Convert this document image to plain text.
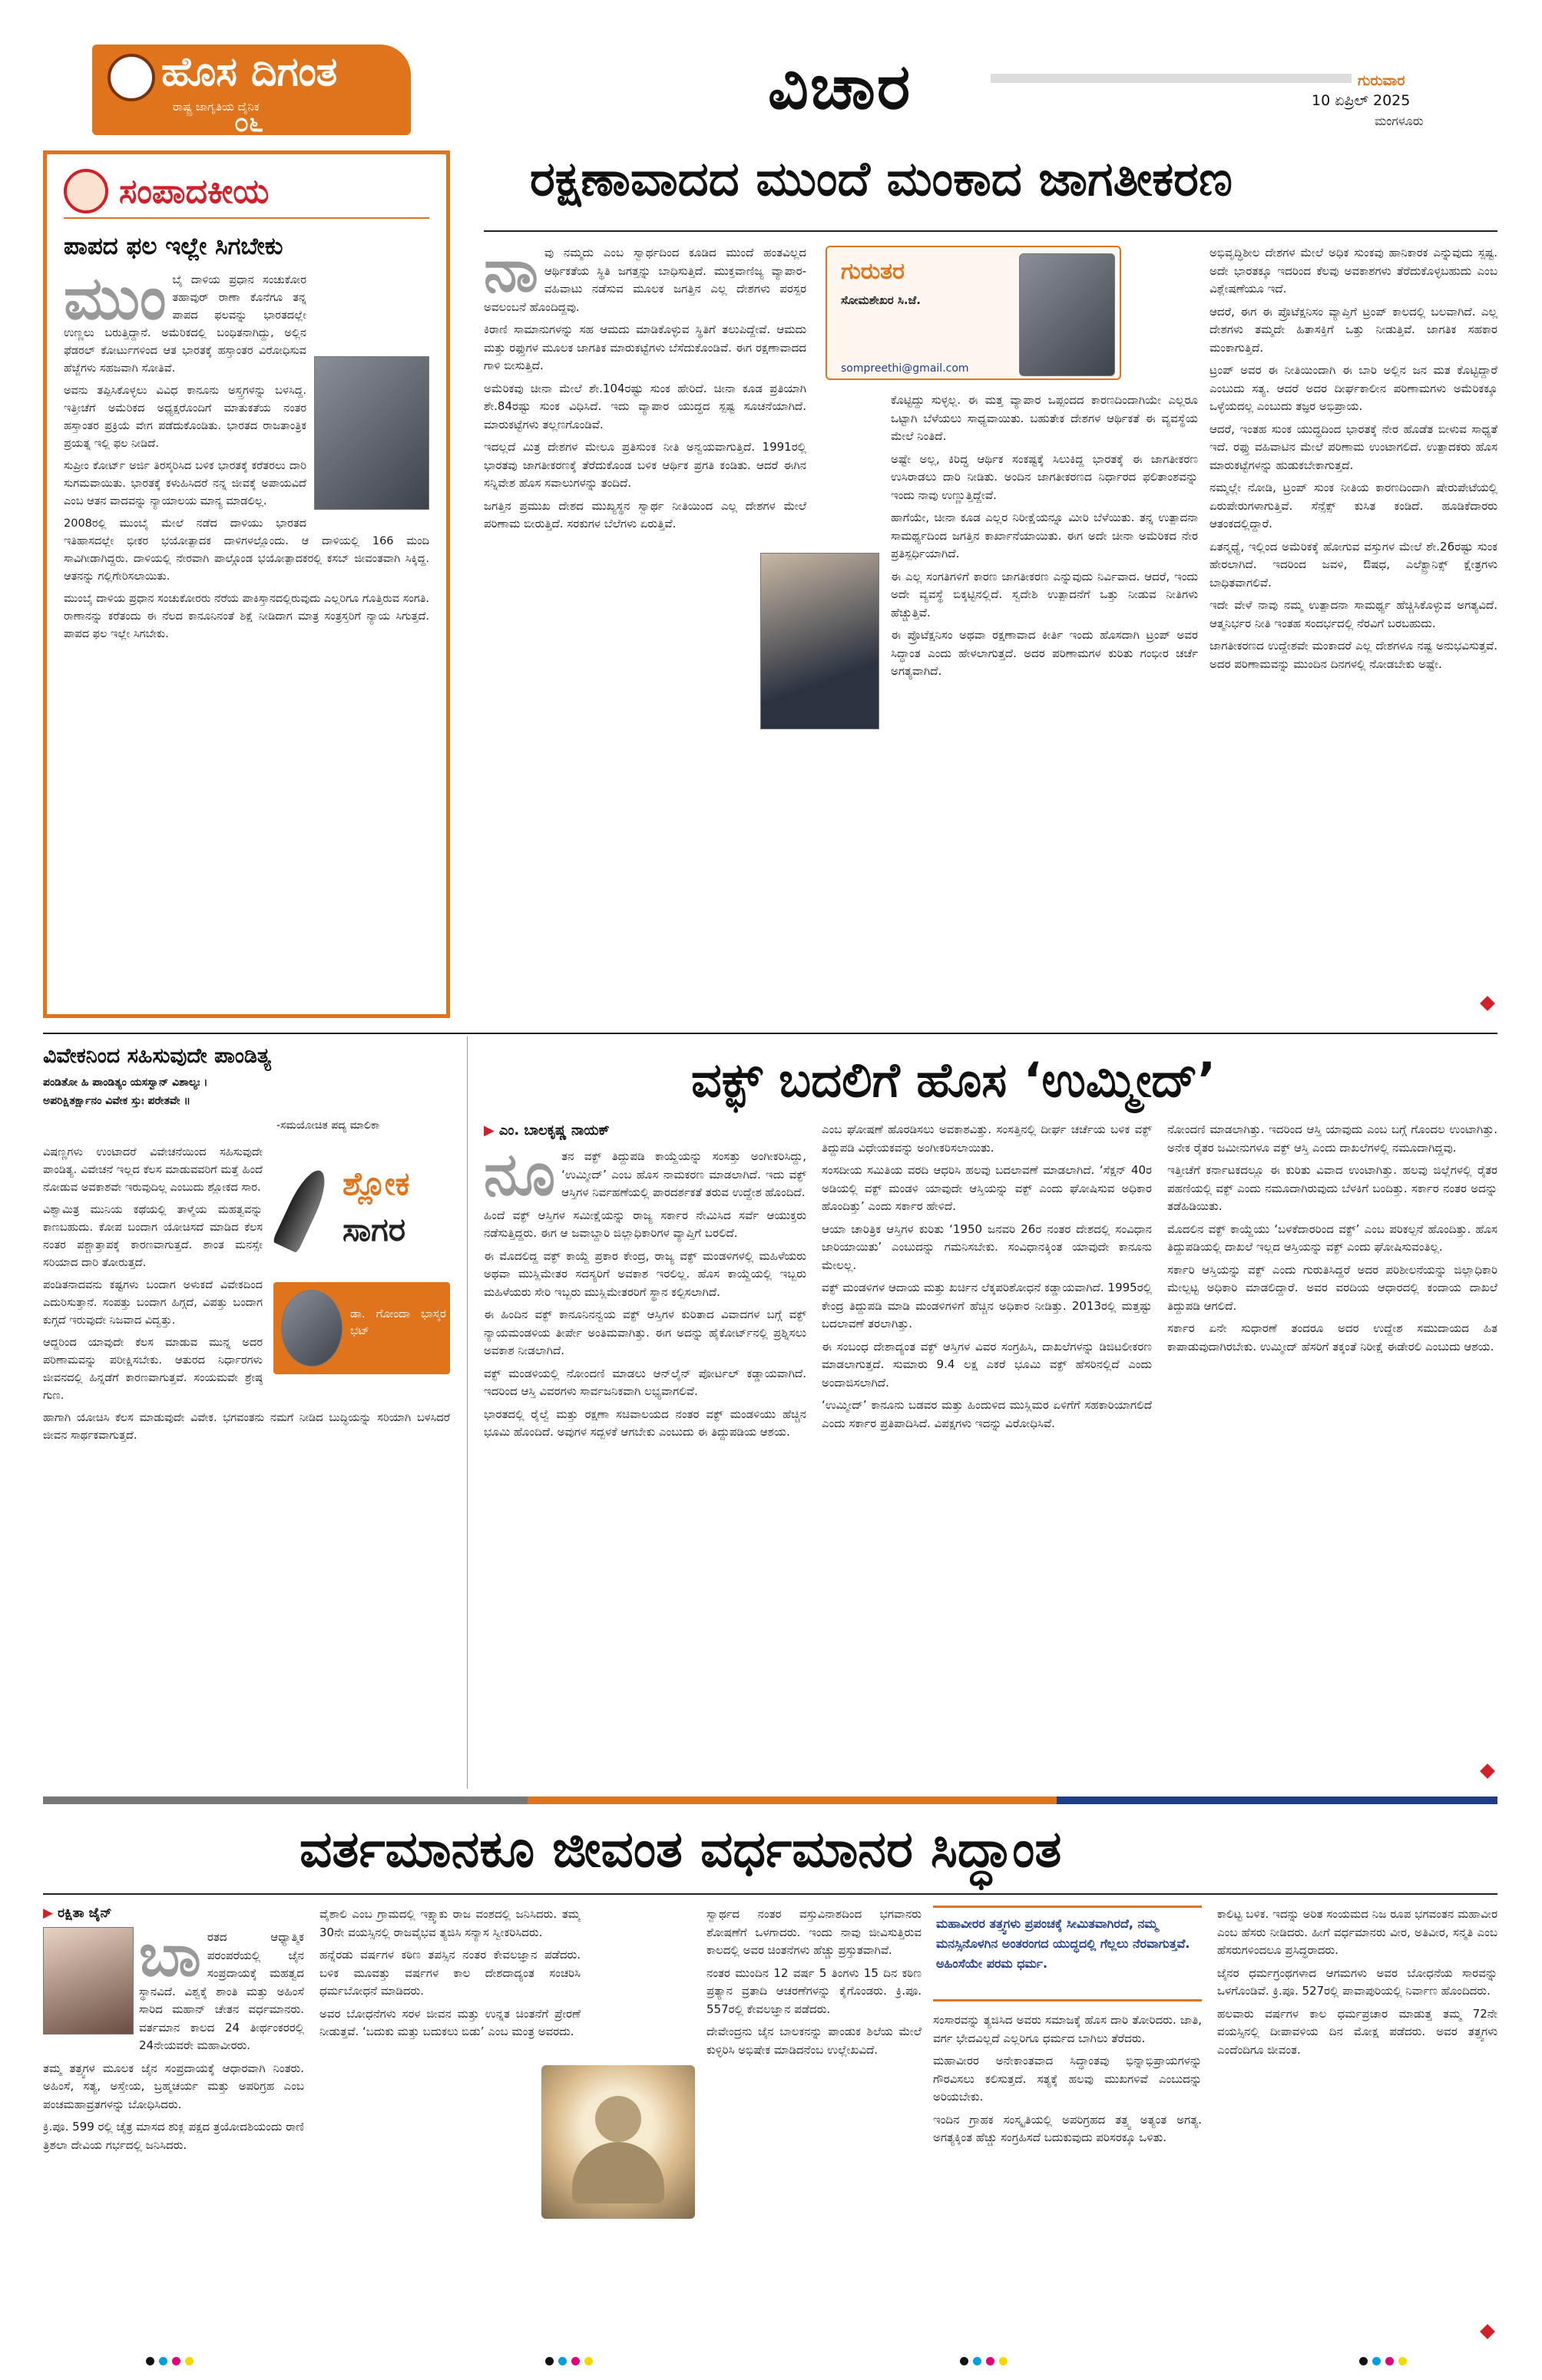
ಹೊಸ ದಿಗಂತ
ರಾಷ್ಟ್ರ ಜಾಗೃತಿಯ ದೈನಿಕ
೦೬	ವಿಚಾರ	ಗುರುವಾರ
10 ಏಪ್ರಿಲ್ 2025
ಮಂಗಳೂರು
ಸಂಪಾದಕೀಯ
ಪಾಪದ ಫಲ ಇಲ್ಲೇ ಸಿಗಬೇಕು
ಮುಂ ಬೈ ದಾಳಿಯ ಪ್ರಧಾನ ಸಂಚುಕೋರ ತಹಾವುರ್ ರಾಣಾ ಕೊನೆಗೂ ತನ್ನ ಪಾಪದ ಫಲವನ್ನು ಭಾರತದಲ್ಲೇ ಉಣ್ಣಲು ಬರುತ್ತಿದ್ದಾನೆ. ಅಮೆರಿಕದಲ್ಲಿ ಬಂಧಿತನಾಗಿದ್ದು, ಅಲ್ಲಿನ ಫೆಡರಲ್ ಕೋರ್ಟುಗಳಿಂದ ಆತ ಭಾರತಕ್ಕೆ ಹಸ್ತಾಂತರ ವಿರೋಧಿಸುವ ಹೆಜ್ಜೆಗಳು ಸಹಜವಾಗಿ ಸೋತಿವೆ.

ಅವನು ತಪ್ಪಿಸಿಕೊಳ್ಳಲು ವಿವಿಧ ಕಾನೂನು ಅಸ್ತ್ರಗಳನ್ನು ಬಳಸಿದ್ದ. ಇತ್ತೀಚೆಗೆ ಅಮೆರಿಕದ ಅಧ್ಯಕ್ಷರೊಂದಿಗೆ ಮಾತುಕತೆಯ ನಂತರ ಹಸ್ತಾಂತರ ಪ್ರಕ್ರಿಯೆ ವೇಗ ಪಡೆದುಕೊಂಡಿತು. ಭಾರತದ ರಾಜತಾಂತ್ರಿಕ ಪ್ರಯತ್ನ ಇಲ್ಲಿ ಫಲ ನೀಡಿದೆ.

ಸುಪ್ರೀಂ ಕೋರ್ಟ್ ಅರ್ಜಿ ತಿರಸ್ಕರಿಸಿದ ಬಳಿಕ ಭಾರತಕ್ಕೆ ಕರೆತರಲು ದಾರಿ ಸುಗಮವಾಯಿತು. ಭಾರತಕ್ಕೆ ಕಳುಹಿಸಿದರೆ ನನ್ನ ಜೀವಕ್ಕೆ ಅಪಾಯವಿದೆ ಎಂಬ ಆತನ ವಾದವನ್ನು ನ್ಯಾಯಾಲಯ ಮಾನ್ಯ ಮಾಡಲಿಲ್ಲ.

2008ರಲ್ಲಿ ಮುಂಬೈ ಮೇಲೆ ನಡೆದ ದಾಳಿಯು ಭಾರತದ ಇತಿಹಾಸದಲ್ಲೇ ಭೀಕರ ಭಯೋತ್ಪಾದಕ ದಾಳಿಗಳಲ್ಲೊಂದು. ಆ ದಾಳಿಯಲ್ಲಿ 166 ಮಂದಿ ಸಾವಿಗೀಡಾಗಿದ್ದರು. ದಾಳಿಯಲ್ಲಿ ನೇರವಾಗಿ ಪಾಲ್ಗೊಂಡ ಭಯೋತ್ಪಾದಕರಲ್ಲಿ ಕಸಬ್ ಜೀವಂತವಾಗಿ ಸಿಕ್ಕಿದ್ದ. ಆತನನ್ನು ಗಲ್ಲಿಗೇರಿಸಲಾಯಿತು.

ಮುಂಬೈ ದಾಳಿಯ ಪ್ರಧಾನ ಸಂಚುಕೋರರು ನೆರೆಯ ಪಾಕಿಸ್ತಾನದಲ್ಲಿರುವುದು ಎಲ್ಲರಿಗೂ ಗೊತ್ತಿರುವ ಸಂಗತಿ. ರಾಣಾನನ್ನು ಕರೆತಂದು ಈ ನೆಲದ ಕಾನೂನಿನಂತೆ ಶಿಕ್ಷೆ ನೀಡಿದಾಗ ಮಾತ್ರ ಸಂತ್ರಸ್ತರಿಗೆ ನ್ಯಾಯ ಸಿಗುತ್ತದೆ. ಪಾಪದ ಫಲ ಇಲ್ಲೇ ಸಿಗಬೇಕು.

ರಕ್ಷಣಾವಾದದ ಮುಂದೆ ಮಂಕಾದ ಜಾಗತೀಕರಣ
ನಾ ವು ನಮ್ಮದು ಎಂಬ ಸ್ವಾರ್ಥದಿಂದ ಕೂಡಿದ ಮುಂದೆ ಹಂತವಿಲ್ಲದ ಆರ್ಥಿಕತೆಯ ಸ್ಥಿತಿ ಜಗತ್ತನ್ನು ಬಾಧಿಸುತ್ತಿದೆ. ಮುಕ್ತವಾಣಿಜ್ಯ ವ್ಯಾಪಾರ-ವಹಿವಾಟು ನಡೆಸುವ ಮೂಲಕ ಜಗತ್ತಿನ ಎಲ್ಲ ದೇಶಗಳು ಪರಸ್ಪರ ಅವಲಂಬನೆ ಹೊಂದಿದ್ದವು.

ಕಿರಾಣಿ ಸಾಮಾನುಗಳನ್ನು ಸಹ ಆಮದು ಮಾಡಿಕೊಳ್ಳುವ ಸ್ಥಿತಿಗೆ ತಲುಪಿದ್ದೇವೆ. ಆಮದು ಮತ್ತು ರಫ್ತುಗಳ ಮೂಲಕ ಜಾಗತಿಕ ಮಾರುಕಟ್ಟೆಗಳು ಬೆಸೆದುಕೊಂಡಿವೆ. ಈಗ ರಕ್ಷಣಾವಾದದ ಗಾಳಿ ಬೀಸುತ್ತಿದೆ.

ಅಮೆರಿಕವು ಚೀನಾ ಮೇಲೆ ಶೇ.104ರಷ್ಟು ಸುಂಕ ಹೇರಿದೆ. ಚೀನಾ ಕೂಡ ಪ್ರತಿಯಾಗಿ ಶೇ.84ರಷ್ಟು ಸುಂಕ ವಿಧಿಸಿದೆ. ಇದು ವ್ಯಾಪಾರ ಯುದ್ಧದ ಸ್ಪಷ್ಟ ಸೂಚನೆಯಾಗಿದೆ. ಮಾರುಕಟ್ಟೆಗಳು ತಲ್ಲಣಗೊಂಡಿವೆ.

ಇದಲ್ಲದೆ ಮಿತ್ರ ದೇಶಗಳ ಮೇಲೂ ಪ್ರತಿಸುಂಕ ನೀತಿ ಅನ್ವಯವಾಗುತ್ತಿದೆ. 1991ರಲ್ಲಿ ಭಾರತವು ಜಾಗತೀಕರಣಕ್ಕೆ ತೆರೆದುಕೊಂಡ ಬಳಿಕ ಆರ್ಥಿಕ ಪ್ರಗತಿ ಕಂಡಿತು. ಆದರೆ ಈಗಿನ ಸನ್ನಿವೇಶ ಹೊಸ ಸವಾಲುಗಳನ್ನು ತಂದಿದೆ.

ಜಗತ್ತಿನ ಪ್ರಮುಖ ದೇಶದ ಮುಖ್ಯಸ್ಥನ ಸ್ವಾರ್ಥ ನೀತಿಯಿಂದ ಎಲ್ಲ ದೇಶಗಳ ಮೇಲೆ ಪರಿಣಾಮ ಬೀರುತ್ತಿದೆ. ಸರಕುಗಳ ಬೆಲೆಗಳು ಏರುತ್ತಿವೆ.

ಗುರುತರ
ಸೋಮಶೇಖರ ಸಿ.ಜೆ.
sompreethi@gmail.com

ಕೊಟ್ಟಿದ್ದು ಸುಳ್ಳಲ್ಲ. ಈ ಮತ್ತ ವ್ಯಾಪಾರ ಒಪ್ಪಂದದ ಕಾರಣದಿಂದಾಗಿಯೇ ಎಲ್ಲರೂ ಒಟ್ಟಾಗಿ ಬೆಳೆಯಲು ಸಾಧ್ಯವಾಯಿತು. ಬಹುತೇಕ ದೇಶಗಳ ಆರ್ಥಿಕತೆ ಈ ವ್ಯವಸ್ಥೆಯ ಮೇಲೆ ನಿಂತಿದೆ.

ಅಷ್ಟೇ ಅಲ್ಲ, ಕಿರಿದ್ಧ ಆರ್ಥಿಕ ಸಂಕಷ್ಟಕ್ಕೆ ಸಿಲುಕಿದ್ದ ಭಾರತಕ್ಕೆ ಈ ಜಾಗತೀಕರಣ ಉಸಿರಾಡಲು ದಾರಿ ನೀಡಿತು. ಅಂದಿನ ಜಾಗತೀಕರಣದ ನಿರ್ಧಾರದ ಫಲಿತಾಂಶವನ್ನು ಇಂದು ನಾವು ಉಣ್ಣುತ್ತಿದ್ದೇವೆ.

ಹಾಗೆಯೇ, ಚೀನಾ ಕೂಡ ಎಲ್ಲರ ನಿರೀಕ್ಷೆಯನ್ನೂ ಮೀರಿ ಬೆಳೆಯಿತು. ತನ್ನ ಉತ್ಪಾದನಾ ಸಾಮರ್ಥ್ಯದಿಂದ ಜಗತ್ತಿನ ಕಾರ್ಖಾನೆಯಾಯಿತು. ಈಗ ಅದೇ ಚೀನಾ ಅಮೆರಿಕದ ನೇರ ಪ್ರತಿಸ್ಪರ್ಧಿಯಾಗಿದೆ.

ಈ ಎಲ್ಲ ಸಂಗತಿಗಳಿಗೆ ಕಾರಣ ಜಾಗತೀಕರಣ ಎನ್ನುವುದು ನಿರ್ವಿವಾದ. ಆದರೆ, ಇಂದು ಅದೇ ವ್ಯವಸ್ಥೆ ಬಿಕ್ಕಟ್ಟಿನಲ್ಲಿದೆ. ಸ್ವದೇಶಿ ಉತ್ಪಾದನೆಗೆ ಒತ್ತು ನೀಡುವ ನೀತಿಗಳು ಹೆಚ್ಚುತ್ತಿವೆ.

ಈ ಪ್ರೊಟೆಕ್ಷನಿಸಂ ಅಥವಾ ರಕ್ಷಣಾವಾದ ಕೀರ್ತಿ ಇಂದು ಹೊಸದಾಗಿ ಟ್ರಂಪ್ ಅವರ ಸಿದ್ಧಾಂತ ಎಂದು ಹೇಳಲಾಗುತ್ತದೆ. ಅದರ ಪರಿಣಾಮಗಳ ಕುರಿತು ಗಂಭೀರ ಚರ್ಚೆ ಅಗತ್ಯವಾಗಿದೆ.

ಅಭಿವೃದ್ಧಿಶೀಲ ದೇಶಗಳ ಮೇಲೆ ಅಧಿಕ ಸುಂಕವು ಹಾನಿಕಾರಕ ಎನ್ನುವುದು ಸ್ಪಷ್ಟ. ಅದೇ ಭಾರತಕ್ಕೂ ಇದರಿಂದ ಕೆಲವು ಅವಕಾಶಗಳು ತೆರೆದುಕೊಳ್ಳಬಹುದು ಎಂಬ ವಿಶ್ಲೇಷಣೆಯೂ ಇದೆ.

ಆದರೆ, ಈಗ ಈ ಪ್ರೊಟೆಕ್ಷನಿಸಂ ವ್ಯಾಪ್ತಿಗೆ ಟ್ರಂಪ್ ಕಾಲದಲ್ಲಿ ಬಲವಾಗಿದೆ. ಎಲ್ಲ ದೇಶಗಳು ತಮ್ಮದೇ ಹಿತಾಸಕ್ತಿಗೆ ಒತ್ತು ನೀಡುತ್ತಿವೆ. ಜಾಗತಿಕ ಸಹಕಾರ ಮಂಕಾಗುತ್ತಿದೆ.

ಟ್ರಂಪ್ ಅವರ ಈ ನೀತಿಯಿಂದಾಗಿ ಈ ಬಾರಿ ಅಲ್ಲಿನ ಜನ ಮತ ಕೊಟ್ಟಿದ್ದಾರೆ ಎಂಬುದು ಸತ್ಯ. ಆದರೆ ಅದರ ದೀರ್ಘಕಾಲೀನ ಪರಿಣಾಮಗಳು ಅಮೆರಿಕಕ್ಕೂ ಒಳ್ಳೆಯದಲ್ಲ ಎಂಬುದು ತಜ್ಞರ ಅಭಿಪ್ರಾಯ.

ಆದರೆ, ಇಂತಹ ಸುಂಕ ಯುದ್ಧದಿಂದ ಭಾರತಕ್ಕೆ ನೇರ ಹೊಡೆತ ಬೀಳುವ ಸಾಧ್ಯತೆ ಇದೆ. ರಫ್ತು ವಹಿವಾಟಿನ ಮೇಲೆ ಪರಿಣಾಮ ಉಂಟಾಗಲಿದೆ. ಉತ್ಪಾದಕರು ಹೊಸ ಮಾರುಕಟ್ಟೆಗಳನ್ನು ಹುಡುಕಬೇಕಾಗುತ್ತದೆ.

ನಮ್ಮಲ್ಲೇ ನೋಡಿ, ಟ್ರಂಪ್ ಸುಂಕ ನೀತಿಯ ಕಾರಣದಿಂದಾಗಿ ಷೇರುಪೇಟೆಯಲ್ಲಿ ಏರುಪೇರುಗಳಾಗುತ್ತಿವೆ. ಸೆನ್ಸೆಕ್ಸ್ ಕುಸಿತ ಕಂಡಿದೆ. ಹೂಡಿಕೆದಾರರು ಆತಂಕದಲ್ಲಿದ್ದಾರೆ.

ಏತನ್ಮಧ್ಯೆ, ಇಲ್ಲಿಂದ ಅಮೆರಿಕಕ್ಕೆ ಹೋಗುವ ವಸ್ತುಗಳ ಮೇಲೆ ಶೇ.26ರಷ್ಟು ಸುಂಕ ಹೇರಲಾಗಿದೆ. ಇದರಿಂದ ಜವಳಿ, ಔಷಧ, ಎಲೆಕ್ಟ್ರಾನಿಕ್ಸ್ ಕ್ಷೇತ್ರಗಳು ಬಾಧಿತವಾಗಲಿವೆ.

ಇದೇ ವೇಳೆ ನಾವು ನಮ್ಮ ಉತ್ಪಾದನಾ ಸಾಮರ್ಥ್ಯ ಹೆಚ್ಚಿಸಿಕೊಳ್ಳುವ ಅಗತ್ಯವಿದೆ. ಆತ್ಮನಿರ್ಭರ ನೀತಿ ಇಂತಹ ಸಂದರ್ಭದಲ್ಲಿ ನೆರವಿಗೆ ಬರಬಹುದು.

ಜಾಗತೀಕರಣದ ಉದ್ದೇಶವೇ ಮಂಕಾದರೆ ಎಲ್ಲ ದೇಶಗಳೂ ನಷ್ಟ ಅನುಭವಿಸುತ್ತವೆ. ಅದರ ಪರಿಣಾಮವನ್ನು ಮುಂದಿನ ದಿನಗಳಲ್ಲಿ ನೋಡಬೇಕು ಅಷ್ಟೇ.

ವಿವೇಕನಿಂದ ಸಹಿಸುವುದೇ ಪಾಂಡಿತ್ಯ
ಪಂಡಿತೋ ಹಿ ಪಾಂಡಿತ್ಯಂ ಯಸಸ್ವಾನ್ ವಿಶಾಲ್ಯಃ ।
ಅಪರಿಕ್ಷಿತರ್ಕ್ಷಾನಂ ವಿವೇಕ ಸ್ತುಃ ಪರೇತವೇ ॥
-ಸಮಯೋಚಿತ ಪದ್ಯ ಮಾಲಿಕಾ
ಶ್ಲೋಕ
ಸಾಗರ
ಡಾ. ಗೋಂದಾ ಭಾಸ್ಕರ ಭಟ್

ವಿಷಣ್ಣಗಳು ಉಂಟಾದರೆ ವಿವೇಚನೆಯಿಂದ ಸಹಿಸುವುದೇ ಪಾಂಡಿತ್ಯ. ವಿವೇಚನೆ ಇಲ್ಲದ ಕೆಲಸ ಮಾಡುವವರಿಗೆ ಮತ್ತೆ ಹಿಂದೆ ನೋಡುವ ಅವಕಾಶವೇ ಇರುವುದಿಲ್ಲ ಎಂಬುದು ಶ್ಲೋಕದ ಸಾರ.

ವಿಶ್ವಾಮಿತ್ರ ಮುನಿಯ ಕಥೆಯಲ್ಲಿ ತಾಳ್ಮೆಯ ಮಹತ್ವವನ್ನು ಕಾಣಬಹುದು. ಕೋಪ ಬಂದಾಗ ಯೋಚಿಸದೆ ಮಾಡಿದ ಕೆಲಸ ನಂತರ ಪಶ್ಚಾತ್ತಾಪಕ್ಕೆ ಕಾರಣವಾಗುತ್ತದೆ. ಶಾಂತ ಮನಸ್ಸೇ ಸರಿಯಾದ ದಾರಿ ತೋರುತ್ತದೆ.

ಪಂಡಿತನಾದವನು ಕಷ್ಟಗಳು ಬಂದಾಗ ಅಳುಕದೆ ವಿವೇಕದಿಂದ ಎದುರಿಸುತ್ತಾನೆ. ಸಂಪತ್ತು ಬಂದಾಗ ಹಿಗ್ಗದೆ, ವಿಪತ್ತು ಬಂದಾಗ ಕುಗ್ಗದೆ ಇರುವುದೇ ನಿಜವಾದ ವಿದ್ವತ್ತು.

ಆದ್ದರಿಂದ ಯಾವುದೇ ಕೆಲಸ ಮಾಡುವ ಮುನ್ನ ಅದರ ಪರಿಣಾಮವನ್ನು ಪರೀಕ್ಷಿಸಬೇಕು. ಆತುರದ ನಿರ್ಧಾರಗಳು ಜೀವನದಲ್ಲಿ ಹಿನ್ನಡೆಗೆ ಕಾರಣವಾಗುತ್ತವೆ. ಸಂಯಮವೇ ಶ್ರೇಷ್ಠ ಗುಣ.

ಹಾಗಾಗಿ ಯೋಚಿಸಿ ಕೆಲಸ ಮಾಡುವುದೇ ವಿವೇಕ. ಭಗವಂತನು ನಮಗೆ ನೀಡಿದ ಬುದ್ಧಿಯನ್ನು ಸರಿಯಾಗಿ ಬಳಸಿದರೆ ಜೀವನ ಸಾರ್ಥಕವಾಗುತ್ತದೆ.

ವಕ್ಫ್ ಬದಲಿಗೆ ಹೊಸ ‘ಉಮ್ಮೀದ್’
▶ ಎಂ. ಬಾಲಕೃಷ್ಣ ನಾಯಕ್
ನೂ ತನ ವಕ್ಫ್ ತಿದ್ದುಪಡಿ ಕಾಯ್ದೆಯನ್ನು ಸಂಸತ್ತು ಅಂಗೀಕರಿಸಿದ್ದು, ‘ಉಮ್ಮೀದ್’ ಎಂಬ ಹೊಸ ನಾಮಕರಣ ಮಾಡಲಾಗಿದೆ. ಇದು ವಕ್ಫ್ ಆಸ್ತಿಗಳ ನಿರ್ವಹಣೆಯಲ್ಲಿ ಪಾರದರ್ಶಕತೆ ತರುವ ಉದ್ದೇಶ ಹೊಂದಿದೆ.

ಹಿಂದೆ ವಕ್ಫ್ ಆಸ್ತಿಗಳ ಸಮೀಕ್ಷೆಯನ್ನು ರಾಜ್ಯ ಸರ್ಕಾರ ನೇಮಿಸಿದ ಸರ್ವೆ ಆಯುಕ್ತರು ನಡೆಸುತ್ತಿದ್ದರು. ಈಗ ಆ ಜವಾಬ್ದಾರಿ ಜಿಲ್ಲಾಧಿಕಾರಿಗಳ ವ್ಯಾಪ್ತಿಗೆ ಬರಲಿದೆ.

ಈ ಮೊದಲಿದ್ದ ವಕ್ಫ್ ಕಾಯ್ದೆ ಪ್ರಕಾರ ಕೇಂದ್ರ, ರಾಜ್ಯ ವಕ್ಫ್ ಮಂಡಳಿಗಳಲ್ಲಿ ಮಹಿಳೆಯರು ಅಥವಾ ಮುಸ್ಲಿಮೇತರ ಸದಸ್ಯರಿಗೆ ಅವಕಾಶ ಇರಲಿಲ್ಲ. ಹೊಸ ಕಾಯ್ದೆಯಲ್ಲಿ ಇಬ್ಬರು ಮಹಿಳೆಯರು ಸೇರಿ ಇಬ್ಬರು ಮುಸ್ಲಿಮೇತರರಿಗೆ ಸ್ಥಾನ ಕಲ್ಪಿಸಲಾಗಿದೆ.

ಈ ಹಿಂದಿನ ವಕ್ಫ್ ಕಾನೂನಿನನ್ವಯ ವಕ್ಫ್ ಆಸ್ತಿಗಳ ಕುರಿತಾದ ವಿವಾದಗಳ ಬಗ್ಗೆ ವಕ್ಫ್ ನ್ಯಾಯಮಂಡಳಿಯ ತೀರ್ಪೇ ಅಂತಿಮವಾಗಿತ್ತು. ಈಗ ಅದನ್ನು ಹೈಕೋರ್ಟ್‌ನಲ್ಲಿ ಪ್ರಶ್ನಿಸಲು ಅವಕಾಶ ನೀಡಲಾಗಿದೆ.

ವಕ್ಫ್ ಮಂಡಳಿಯಲ್ಲಿ ನೋಂದಣಿ ಮಾಡಲು ಆನ್‌ಲೈನ್ ಪೋರ್ಟಲ್ ಕಡ್ಡಾಯವಾಗಿದೆ. ಇದರಿಂದ ಆಸ್ತಿ ವಿವರಗಳು ಸಾರ್ವಜನಿಕವಾಗಿ ಲಭ್ಯವಾಗಲಿವೆ.

ಭಾರತದಲ್ಲಿ ರೈಲ್ವೆ ಮತ್ತು ರಕ್ಷಣಾ ಸಚಿವಾಲಯದ ನಂತರ ವಕ್ಫ್ ಮಂಡಳಿಯು ಹೆಚ್ಚಿನ ಭೂಮಿ ಹೊಂದಿದೆ. ಅವುಗಳ ಸದ್ಬಳಕೆ ಆಗಬೇಕು ಎಂಬುದು ಈ ತಿದ್ದುಪಡಿಯ ಆಶಯ.

ಎಂಬ ಘೋಷಣೆ ಹೊರಡಿಸಲು ಅವಕಾಶವಿತ್ತು. ಸಂಸತ್ತಿನಲ್ಲಿ ದೀರ್ಘ ಚರ್ಚೆಯ ಬಳಿಕ ವಕ್ಫ್ ತಿದ್ದುಪಡಿ ವಿಧೇಯಕವನ್ನು ಅಂಗೀಕರಿಸಲಾಯಿತು.

ಸಂಸದೀಯ ಸಮಿತಿಯ ವರದಿ ಆಧರಿಸಿ ಹಲವು ಬದಲಾವಣೆ ಮಾಡಲಾಗಿದೆ. ‘ಸೆಕ್ಷನ್ 40ರ ಅಡಿಯಲ್ಲಿ ವಕ್ಫ್ ಮಂಡಳಿ ಯಾವುದೇ ಆಸ್ತಿಯನ್ನು ವಕ್ಫ್ ಎಂದು ಘೋಷಿಸುವ ಅಧಿಕಾರ ಹೊಂದಿತ್ತು’ ಎಂದು ಸರ್ಕಾರ ಹೇಳಿದೆ.

ಆಯಾ ಚಾರಿತ್ರಿಕ ಆಸ್ತಿಗಳ ಕುರಿತು ‘1950 ಜನವರಿ 26ರ ನಂತರ ದೇಶದಲ್ಲಿ ಸಂವಿಧಾನ ಜಾರಿಯಾಯಿತು’ ಎಂಬುದನ್ನು ಗಮನಿಸಬೇಕು. ಸಂವಿಧಾನಕ್ಕಿಂತ ಯಾವುದೇ ಕಾನೂನು ಮೇಲಲ್ಲ.

ವಕ್ಫ್ ಮಂಡಳಿಗಳ ಆದಾಯ ಮತ್ತು ಖರ್ಚಿನ ಲೆಕ್ಕಪರಿಶೋಧನೆ ಕಡ್ಡಾಯವಾಗಿದೆ. 1995ರಲ್ಲಿ ಕೇಂದ್ರ ತಿದ್ದುಪಡಿ ಮಾಡಿ ಮಂಡಳಿಗಳಿಗೆ ಹೆಚ್ಚಿನ ಅಧಿಕಾರ ನೀಡಿತ್ತು. 2013ರಲ್ಲಿ ಮತ್ತಷ್ಟು ಬದಲಾವಣೆ ತರಲಾಗಿತ್ತು.

ಈ ಸಂಬಂಧ ದೇಶಾದ್ಯಂತ ವಕ್ಫ್ ಆಸ್ತಿಗಳ ವಿವರ ಸಂಗ್ರಹಿಸಿ, ದಾಖಲೆಗಳನ್ನು ಡಿಜಿಟಲೀಕರಣ ಮಾಡಲಾಗುತ್ತದೆ. ಸುಮಾರು 9.4 ಲಕ್ಷ ಎಕರೆ ಭೂಮಿ ವಕ್ಫ್ ಹೆಸರಿನಲ್ಲಿದೆ ಎಂದು ಅಂದಾಜಿಸಲಾಗಿದೆ.

‘ಉಮ್ಮೀದ್’ ಕಾನೂನು ಬಡವರ ಮತ್ತು ಹಿಂದುಳಿದ ಮುಸ್ಲಿಮರ ಏಳಿಗೆಗೆ ಸಹಕಾರಿಯಾಗಲಿದೆ ಎಂದು ಸರ್ಕಾರ ಪ್ರತಿಪಾದಿಸಿದೆ. ವಿಪಕ್ಷಗಳು ಇದನ್ನು ವಿರೋಧಿಸಿವೆ.

ನೋಂದಣಿ ಮಾಡಲಾಗಿತ್ತು. ಇದರಿಂದ ಆಸ್ತಿ ಯಾವುದು ಎಂಬ ಬಗ್ಗೆ ಗೊಂದಲ ಉಂಟಾಗಿತ್ತು. ಅನೇಕ ರೈತರ ಜಮೀನುಗಳೂ ವಕ್ಫ್ ಆಸ್ತಿ ಎಂದು ದಾಖಲೆಗಳಲ್ಲಿ ನಮೂದಾಗಿದ್ದವು.

ಇತ್ತೀಚೆಗೆ ಕರ್ನಾಟಕದಲ್ಲೂ ಈ ಕುರಿತು ವಿವಾದ ಉಂಟಾಗಿತ್ತು. ಹಲವು ಜಿಲ್ಲೆಗಳಲ್ಲಿ ರೈತರ ಪಹಣಿಯಲ್ಲಿ ವಕ್ಫ್ ಎಂದು ನಮೂದಾಗಿರುವುದು ಬೆಳಕಿಗೆ ಬಂದಿತ್ತು. ಸರ್ಕಾರ ನಂತರ ಅದನ್ನು ತಡೆಹಿಡಿಯಿತು.

ಮೊದಲಿನ ವಕ್ಫ್ ಕಾಯ್ದೆಯು ‘ಬಳಕೆದಾರರಿಂದ ವಕ್ಫ್’ ಎಂಬ ಪರಿಕಲ್ಪನೆ ಹೊಂದಿತ್ತು. ಹೊಸ ತಿದ್ದುಪಡಿಯಲ್ಲಿ ದಾಖಲೆ ಇಲ್ಲದ ಆಸ್ತಿಯನ್ನು ವಕ್ಫ್ ಎಂದು ಘೋಷಿಸುವಂತಿಲ್ಲ.

ಸರ್ಕಾರಿ ಆಸ್ತಿಯನ್ನು ವಕ್ಫ್ ಎಂದು ಗುರುತಿಸಿದ್ದರೆ ಅದರ ಪರಿಶೀಲನೆಯನ್ನು ಜಿಲ್ಲಾಧಿಕಾರಿ ಮೇಲ್ಪಟ್ಟ ಅಧಿಕಾರಿ ಮಾಡಲಿದ್ದಾರೆ. ಅವರ ವರದಿಯ ಆಧಾರದಲ್ಲಿ ಕಂದಾಯ ದಾಖಲೆ ತಿದ್ದುಪಡಿ ಆಗಲಿದೆ.

ಸರ್ಕಾರ ಏನೇ ಸುಧಾರಣೆ ತಂದರೂ ಅದರ ಉದ್ದೇಶ ಸಮುದಾಯದ ಹಿತ ಕಾಪಾಡುವುದಾಗಿರಬೇಕು. ಉಮ್ಮೀದ್ ಹೆಸರಿಗೆ ತಕ್ಕಂತೆ ನಿರೀಕ್ಷೆ ಈಡೇರಲಿ ಎಂಬುದು ಆಶಯ.

ವರ್ತಮಾನಕೂ ಜೀವಂತ ವರ್ಧಮಾನರ ಸಿದ್ಧಾಂತ
▶ ರಕ್ಷಿತಾ ಜೈನ್
ಬಾ ರತದ ಆಧ್ಯಾತ್ಮಿಕ ಪರಂಪರೆಯಲ್ಲಿ ಜೈನ ಸಂಪ್ರದಾಯಕ್ಕೆ ಮಹತ್ವದ ಸ್ಥಾನವಿದೆ. ವಿಶ್ವಕ್ಕೆ ಶಾಂತಿ ಮತ್ತು ಅಹಿಂಸೆ ಸಾರಿದ ಮಹಾನ್ ಚೇತನ ವರ್ಧಮಾನರು. ವರ್ತಮಾನ ಕಾಲದ 24 ತೀರ್ಥಂಕರರಲ್ಲಿ 24ನೇಯವರೇ ಮಹಾವೀರರು.

ತಮ್ಮ ತತ್ತ್ವಗಳ ಮೂಲಕ ಜೈನ ಸಂಪ್ರದಾಯಕ್ಕೆ ಆಧಾರವಾಗಿ ನಿಂತರು. ಅಹಿಂಸೆ, ಸತ್ಯ, ಅಸ್ತೇಯ, ಬ್ರಹ್ಮಚರ್ಯ ಮತ್ತು ಅಪರಿಗ್ರಹ ಎಂಬ ಪಂಚಮಹಾವ್ರತಗಳನ್ನು ಬೋಧಿಸಿದರು.

ಕ್ರಿ.ಪೂ. 599 ರಲ್ಲಿ ಚೈತ್ರ ಮಾಸದ ಶುಕ್ಲ ಪಕ್ಷದ ತ್ರಯೋದಶಿಯಂದು ರಾಣಿ ತ್ರಿಶಲಾ ದೇವಿಯ ಗರ್ಭದಲ್ಲಿ ಜನಿಸಿದರು.

ವೈಶಾಲಿ ಎಂಬ ಗ್ರಾಮದಲ್ಲಿ ಇಕ್ಷ್ವಾಕು ರಾಜ ವಂಶದಲ್ಲಿ ಜನಿಸಿದರು. ತಮ್ಮ 30ನೇ ವಯಸ್ಸಿನಲ್ಲಿ ರಾಜವೈಭವ ತ್ಯಜಿಸಿ ಸನ್ಯಾಸ ಸ್ವೀಕರಿಸಿದರು.

ಹನ್ನೆರಡು ವರ್ಷಗಳ ಕಠಿಣ ತಪಸ್ಸಿನ ನಂತರ ಕೇವಲಜ್ಞಾನ ಪಡೆದರು. ಬಳಿಕ ಮೂವತ್ತು ವರ್ಷಗಳ ಕಾಲ ದೇಶದಾದ್ಯಂತ ಸಂಚರಿಸಿ ಧರ್ಮಬೋಧನೆ ಮಾಡಿದರು.

ಅವರ ಬೋಧನೆಗಳು ಸರಳ ಜೀವನ ಮತ್ತು ಉನ್ನತ ಚಿಂತನೆಗೆ ಪ್ರೇರಣೆ ನೀಡುತ್ತವೆ. ‘ಬದುಕು ಮತ್ತು ಬದುಕಲು ಬಿಡು’ ಎಂಬ ಮಂತ್ರ ಅವರದು.

ಸ್ವಾರ್ಥದ ನಂತರ ವಸ್ತುವಿನಾಶದಿಂದ ಭಗವಾನರು ಶೋಷಣೆಗೆ ಒಳಗಾದರು. ಇಂದು ನಾವು ಜೀವಿಸುತ್ತಿರುವ ಕಾಲದಲ್ಲಿ ಅವರ ಚಿಂತನೆಗಳು ಹೆಚ್ಚು ಪ್ರಸ್ತುತವಾಗಿವೆ.

ನಂತರ ಮುಂದಿನ 12 ವರ್ಷ 5 ತಿಂಗಳು 15 ದಿನ ಕಠಿಣ ಪ್ರತ್ಯಾನ ವ್ರತಾದಿ ಆಚರಣೆಗಳನ್ನು ಕೈಗೊಂಡರು. ಕ್ರಿ.ಪೂ. 557ರಲ್ಲಿ ಕೇವಲಜ್ಞಾನ ಪಡೆದರು.

ದೇವೇಂದ್ರನು ಜೈನ ಬಾಲಕನನ್ನು ಪಾಂಡುಕ ಶಿಲೆಯ ಮೇಲೆ ಕುಳ್ಳಿರಿಸಿ ಅಭಿಷೇಕ ಮಾಡಿದನೆಂಬ ಉಲ್ಲೇಖವಿದೆ.

ಮಹಾವೀರರ ತತ್ತ್ವಗಳು ಪ್ರಪಂಚಕ್ಕೆ ಸೀಮಿತವಾಗಿರದೆ, ನಮ್ಮ ಮನಸ್ಸಿನೊಳಗಿನ ಅಂತರಂಗದ ಯುದ್ಧದಲ್ಲಿ ಗೆಲ್ಲಲು ನೆರವಾಗುತ್ತವೆ. ಅಹಿಂಸೆಯೇ ಪರಮ ಧರ್ಮ.

ಸಂಸಾರವನ್ನು ತ್ಯಜಿಸಿದ ಅವರು ಸಮಾಜಕ್ಕೆ ಹೊಸ ದಾರಿ ತೋರಿದರು. ಜಾತಿ, ವರ್ಗ ಭೇದವಿಲ್ಲದೆ ಎಲ್ಲರಿಗೂ ಧರ್ಮದ ಬಾಗಿಲು ತೆರೆದರು.

ಮಹಾವೀರರ ಅನೇಕಾಂತವಾದ ಸಿದ್ಧಾಂತವು ಭಿನ್ನಾಭಿಪ್ರಾಯಗಳನ್ನು ಗೌರವಿಸಲು ಕಲಿಸುತ್ತದೆ. ಸತ್ಯಕ್ಕೆ ಹಲವು ಮುಖಗಳಿವೆ ಎಂಬುದನ್ನು ಅರಿಯಬೇಕು.

ಇಂದಿನ ಗ್ರಾಹಕ ಸಂಸ್ಕೃತಿಯಲ್ಲಿ ಅಪರಿಗ್ರಹದ ತತ್ತ್ವ ಅತ್ಯಂತ ಅಗತ್ಯ. ಅಗತ್ಯಕ್ಕಿಂತ ಹೆಚ್ಚು ಸಂಗ್ರಹಿಸದೆ ಬದುಕುವುದು ಪರಿಸರಕ್ಕೂ ಒಳಿತು.

ಕಾಲಿಟ್ಟ ಬಳಿಕ. ಇದನ್ನು ಅರಿತ ಸಂಯಮದ ನಿಜ ರೂಪ ಭಗವಂತನ ಮಹಾವೀರ ಎಂಬ ಹೆಸರು ನೀಡಿದರು. ಹೀಗೆ ವರ್ಧಮಾನರು ವೀರ, ಅತಿವೀರ, ಸನ್ಮತಿ ಎಂಬ ಹೆಸರುಗಳಿಂದಲೂ ಪ್ರಸಿದ್ಧರಾದರು.

ಜೈನರ ಧರ್ಮಗ್ರಂಥಗಳಾದ ಆಗಮಗಳು ಅವರ ಬೋಧನೆಯ ಸಾರವನ್ನು ಒಳಗೊಂಡಿವೆ. ಕ್ರಿ.ಪೂ. 527ರಲ್ಲಿ ಪಾವಾಪುರಿಯಲ್ಲಿ ನಿರ್ವಾಣ ಹೊಂದಿದರು.

ಹಲವಾರು ವರ್ಷಗಳ ಕಾಲ ಧರ್ಮಪ್ರಚಾರ ಮಾಡುತ್ತ ತಮ್ಮ 72ನೇ ವಯಸ್ಸಿನಲ್ಲಿ ದೀಪಾವಳಿಯ ದಿನ ಮೋಕ್ಷ ಪಡೆದರು. ಅವರ ತತ್ತ್ವಗಳು ಎಂದೆಂದಿಗೂ ಜೀವಂತ.
